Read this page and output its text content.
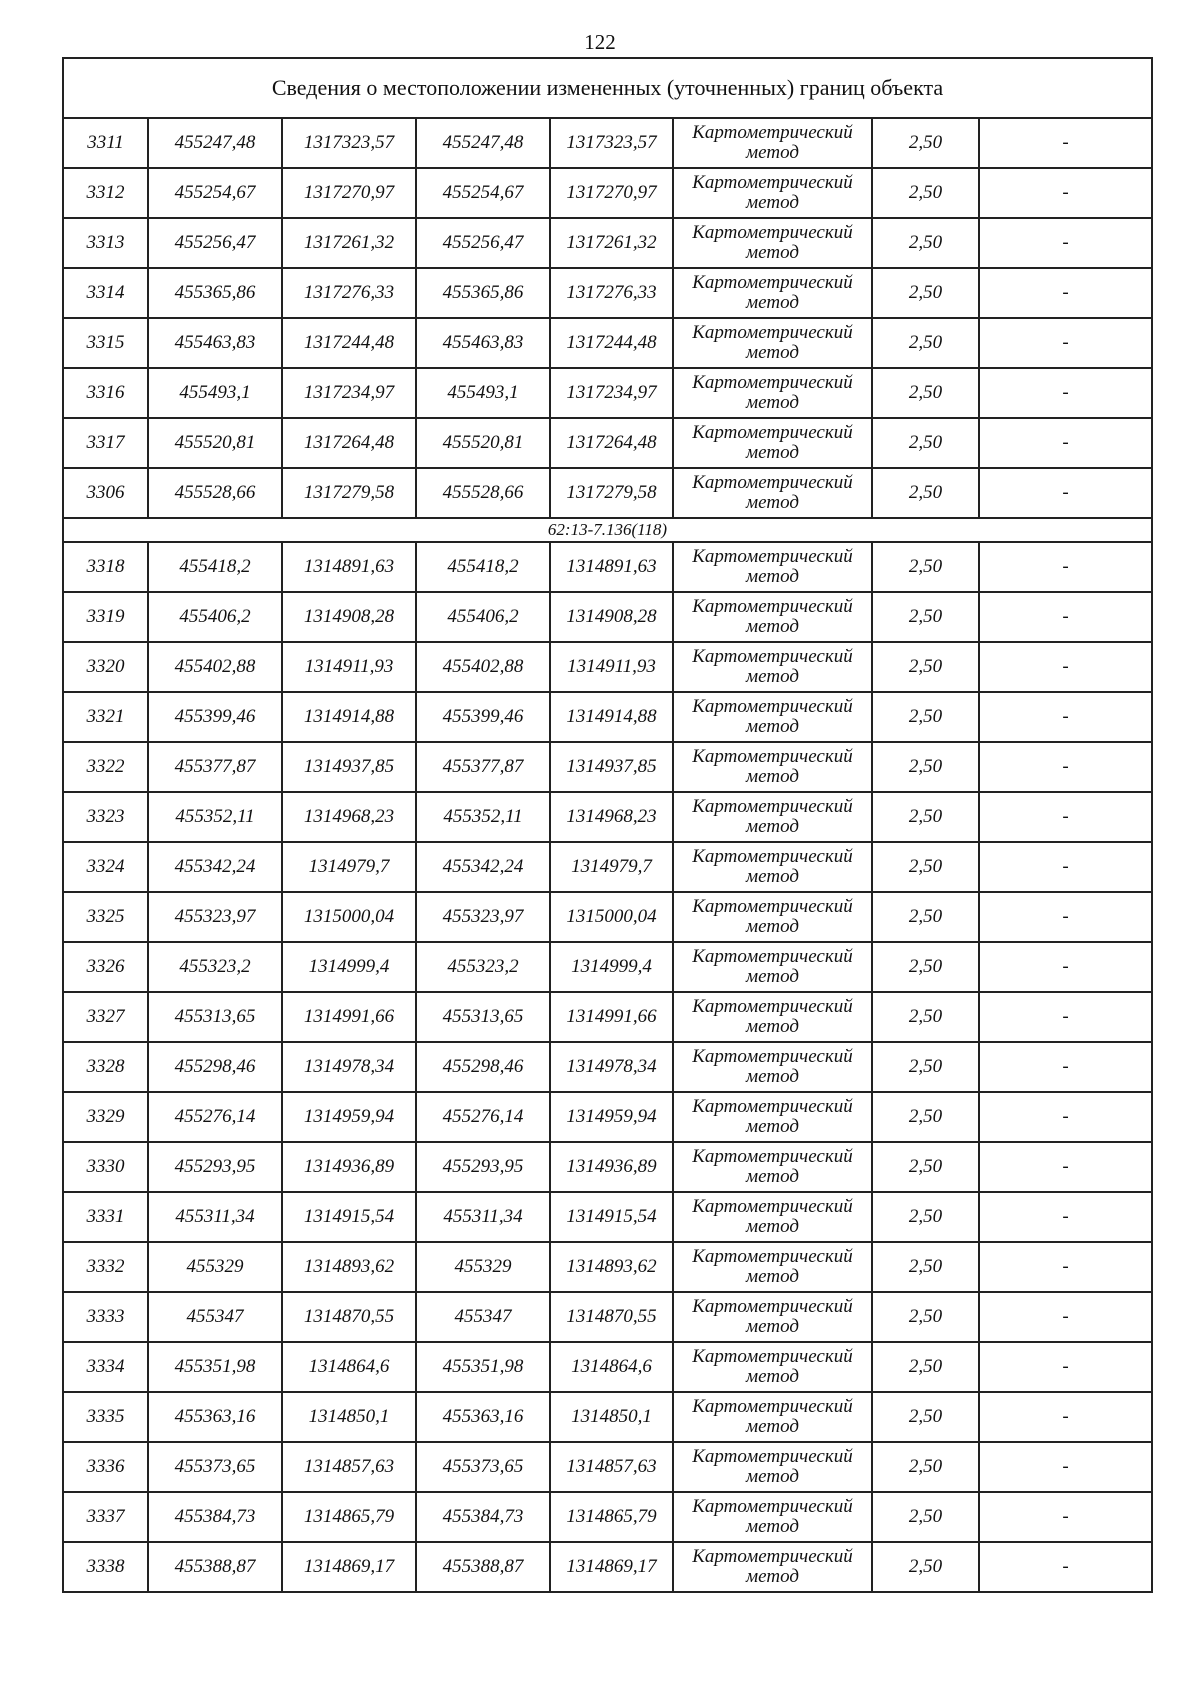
122
Сведения о местоположении измененных (уточненных) границ объекта							
3311	455247,48	1317323,57	455247,48	1317323,57	Картометрический
метод	2,50	-
3312	455254,67	1317270,97	455254,67	1317270,97	Картометрический
метод	2,50	-
3313	455256,47	1317261,32	455256,47	1317261,32	Картометрический
метод	2,50	-
3314	455365,86	1317276,33	455365,86	1317276,33	Картометрический
метод	2,50	-
3315	455463,83	1317244,48	455463,83	1317244,48	Картометрический
метод	2,50	-
3316	455493,1	1317234,97	455493,1	1317234,97	Картометрический
метод	2,50	-
3317	455520,81	1317264,48	455520,81	1317264,48	Картометрический
метод	2,50	-
3306	455528,66	1317279,58	455528,66	1317279,58	Картометрический
метод	2,50	-
62:13-7.136(118)							
3318	455418,2	1314891,63	455418,2	1314891,63	Картометрический
метод	2,50	-
3319	455406,2	1314908,28	455406,2	1314908,28	Картометрический
метод	2,50	-
3320	455402,88	1314911,93	455402,88	1314911,93	Картометрический
метод	2,50	-
3321	455399,46	1314914,88	455399,46	1314914,88	Картометрический
метод	2,50	-
3322	455377,87	1314937,85	455377,87	1314937,85	Картометрический
метод	2,50	-
3323	455352,11	1314968,23	455352,11	1314968,23	Картометрический
метод	2,50	-
3324	455342,24	1314979,7	455342,24	1314979,7	Картометрический
метод	2,50	-
3325	455323,97	1315000,04	455323,97	1315000,04	Картометрический
метод	2,50	-
3326	455323,2	1314999,4	455323,2	1314999,4	Картометрический
метод	2,50	-
3327	455313,65	1314991,66	455313,65	1314991,66	Картометрический
метод	2,50	-
3328	455298,46	1314978,34	455298,46	1314978,34	Картометрический
метод	2,50	-
3329	455276,14	1314959,94	455276,14	1314959,94	Картометрический
метод	2,50	-
3330	455293,95	1314936,89	455293,95	1314936,89	Картометрический
метод	2,50	-
3331	455311,34	1314915,54	455311,34	1314915,54	Картометрический
метод	2,50	-
3332	455329	1314893,62	455329	1314893,62	Картометрический
метод	2,50	-
3333	455347	1314870,55	455347	1314870,55	Картометрический
метод	2,50	-
3334	455351,98	1314864,6	455351,98	1314864,6	Картометрический
метод	2,50	-
3335	455363,16	1314850,1	455363,16	1314850,1	Картометрический
метод	2,50	-
3336	455373,65	1314857,63	455373,65	1314857,63	Картометрический
метод	2,50	-
3337	455384,73	1314865,79	455384,73	1314865,79	Картометрический
метод	2,50	-
3338	455388,87	1314869,17	455388,87	1314869,17	Картометрический
метод	2,50	-
